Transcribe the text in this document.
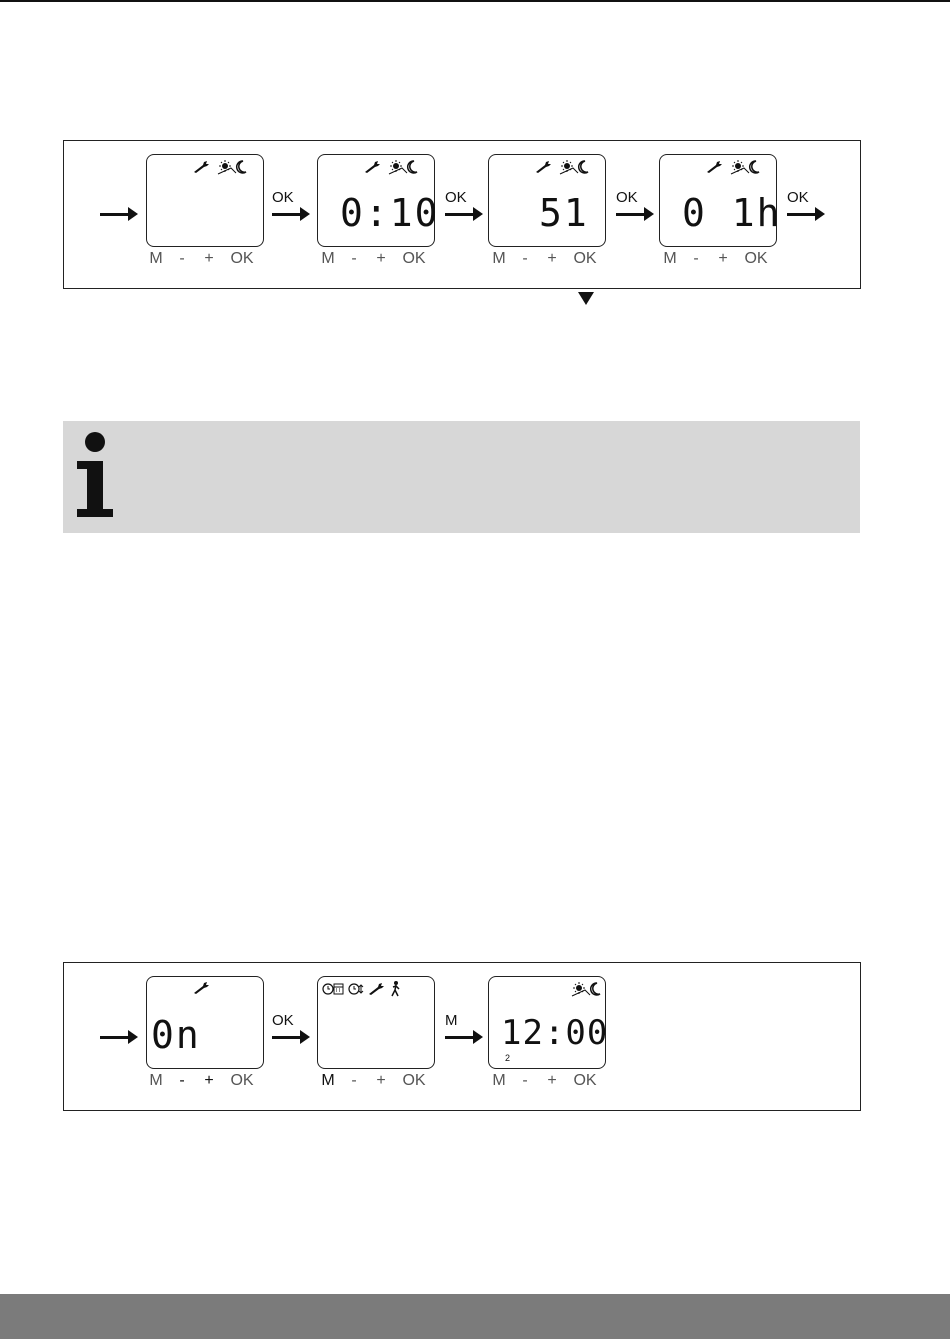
M	-	+	OK
OK 0:10
M	-	+	OK
OK 51
M	-	+	OK
OK 0 1h
M	-	+	OK
OK
0n
M	-	+	OK
OK
M	-	+	OK
M 12:00
2
M	-	+	OK
